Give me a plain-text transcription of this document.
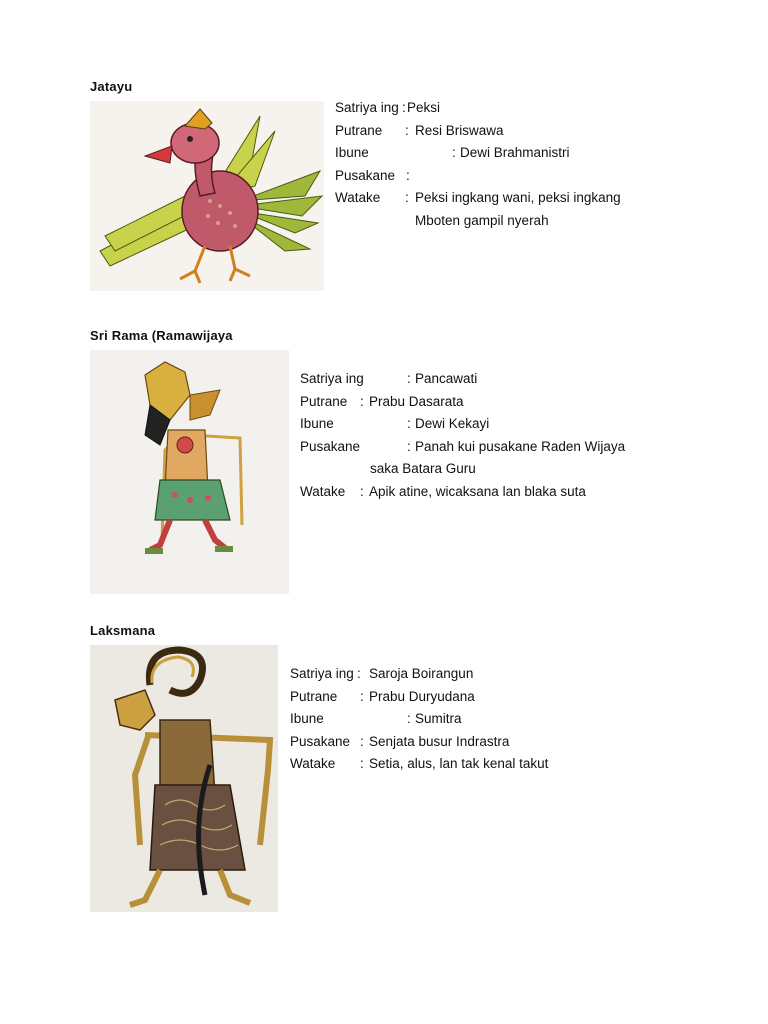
Jatayu
Satriya ing : Peksi
Putrane : Resi Briswawa
Ibune	: Dewi Brahmanistri
Pusakane :
Watake : Peksi ingkang wani, peksi ingkang
Mboten gampil nyerah
Sri Rama (Ramawijaya
Satriya ing	: Pancawati
Putrane : Prabu Dasarata
Ibune	: Dewi Kekayi
Pusakane	: Panah kui pusakane Raden Wijaya
saka Batara Guru
Watake : Apik atine, wicaksana lan blaka suta
Laksmana
Satriya ing : Saroja Boirangun
Putrane : Prabu Duryudana
Ibune	: Sumitra
Pusakane : Senjata busur Indrastra
Watake : Setia, alus, lan tak kenal takut
